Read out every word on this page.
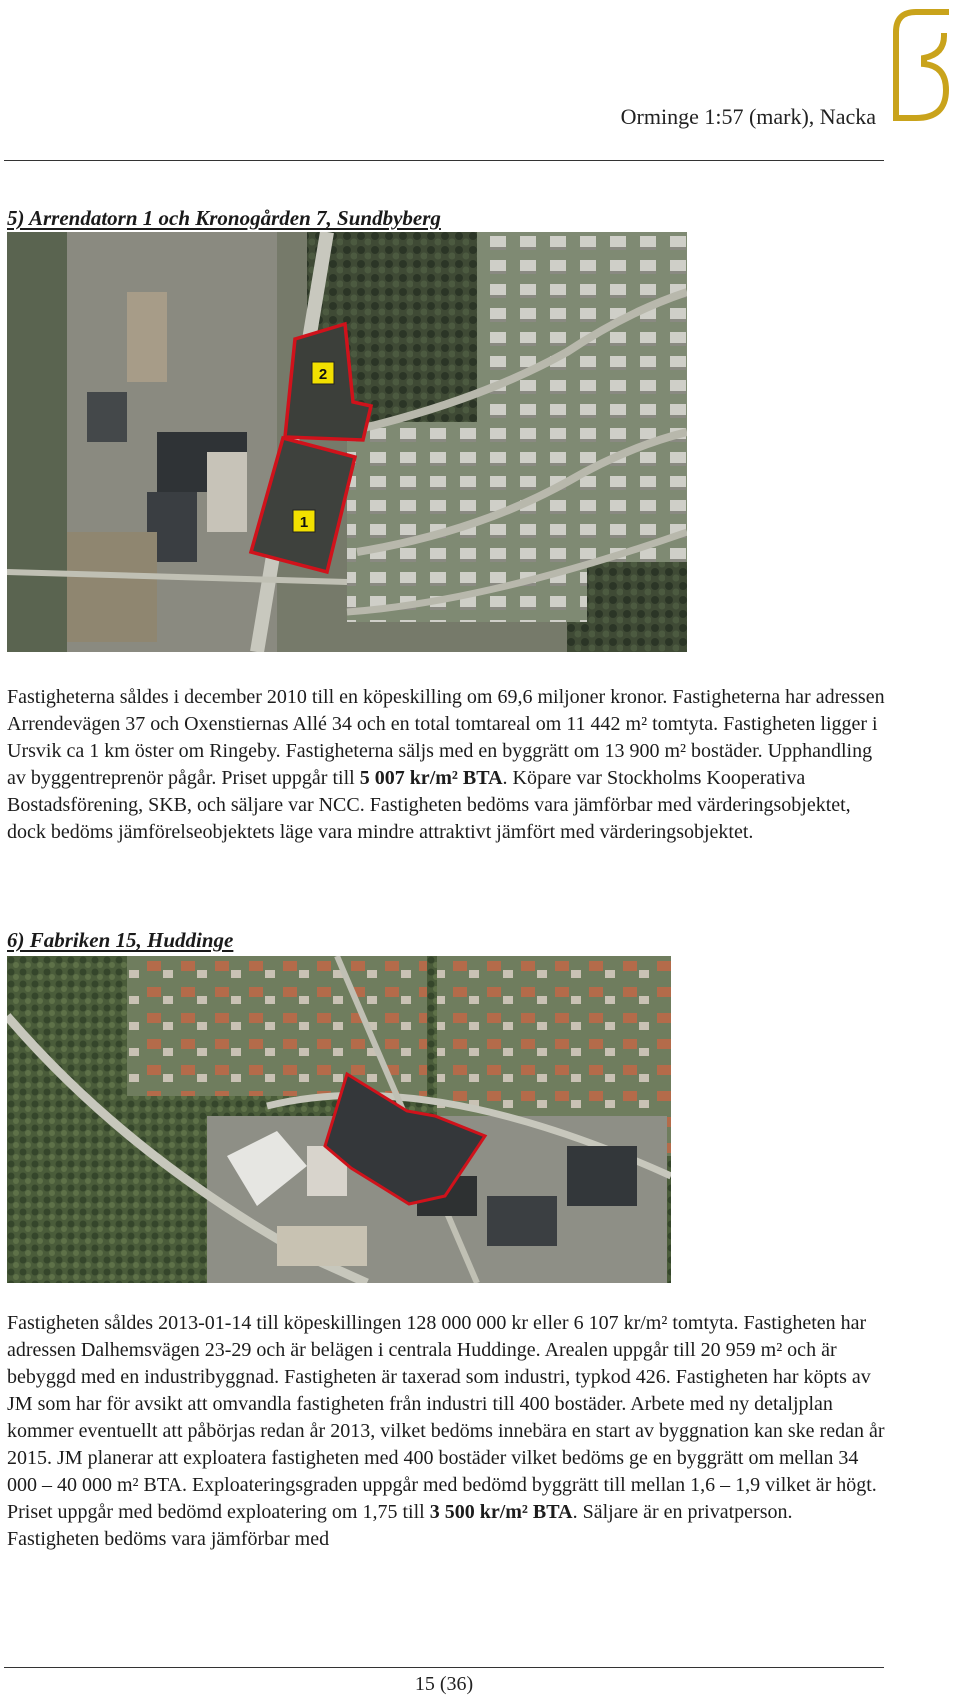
Orminge 1:57 (mark), Nacka
5) Arrendatorn 1 och Kronogården 7, Sundbyberg
2
1

Fastigheterna såldes i december 2010 till en köpeskilling om 69,6 miljoner kronor. Fastigheterna har adressen Arrendevägen 37 och Oxenstiernas Allé 34 och en total tomtareal om 11 442 m² tomtyta. Fastigheten ligger i Ursvik ca 1 km öster om Ringeby. Fastigheterna säljs med en byggrätt om 13 900 m² bostäder. Upphandling av byggentreprenör pågår. Priset uppgår till 5 007 kr/m² BTA. Köpare var Stockholms Kooperativa Bostadsförening, SKB, och säljare var NCC. Fastigheten bedöms vara jämförbar med värderingsobjektet, dock bedöms jämförelseobjektets läge vara mindre attraktivt jämfört med värderingsobjektet.

6) Fabriken 15, Huddinge

Fastigheten såldes 2013-01-14 till köpeskillingen 128 000 000 kr eller 6 107 kr/m² tomtyta. Fastigheten har adressen Dalhemsvägen 23-29 och är belägen i centrala Huddinge. Arealen uppgår till 20 959 m² och är bebyggd med en industribyggnad. Fastigheten är taxerad som industri, typkod 426. Fastigheten har köpts av JM som har för avsikt att omvandla fastigheten från industri till 400 bostäder. Arbete med ny detaljplan kommer eventuellt att påbörjas redan år 2013, vilket bedöms innebära en start av byggnation kan ske redan år 2015. JM planerar att exploatera fastigheten med 400 bostäder vilket bedöms ge en byggrätt om mellan 34 000 – 40 000 m² BTA. Exploateringsgraden uppgår med bedömd byggrätt till mellan 1,6 – 1,9 vilket är högt. Priset uppgår med bedömd exploatering om 1,75 till 3 500 kr/m² BTA. Säljare är en privatperson. Fastigheten bedöms vara jämförbar med

15 (36)
